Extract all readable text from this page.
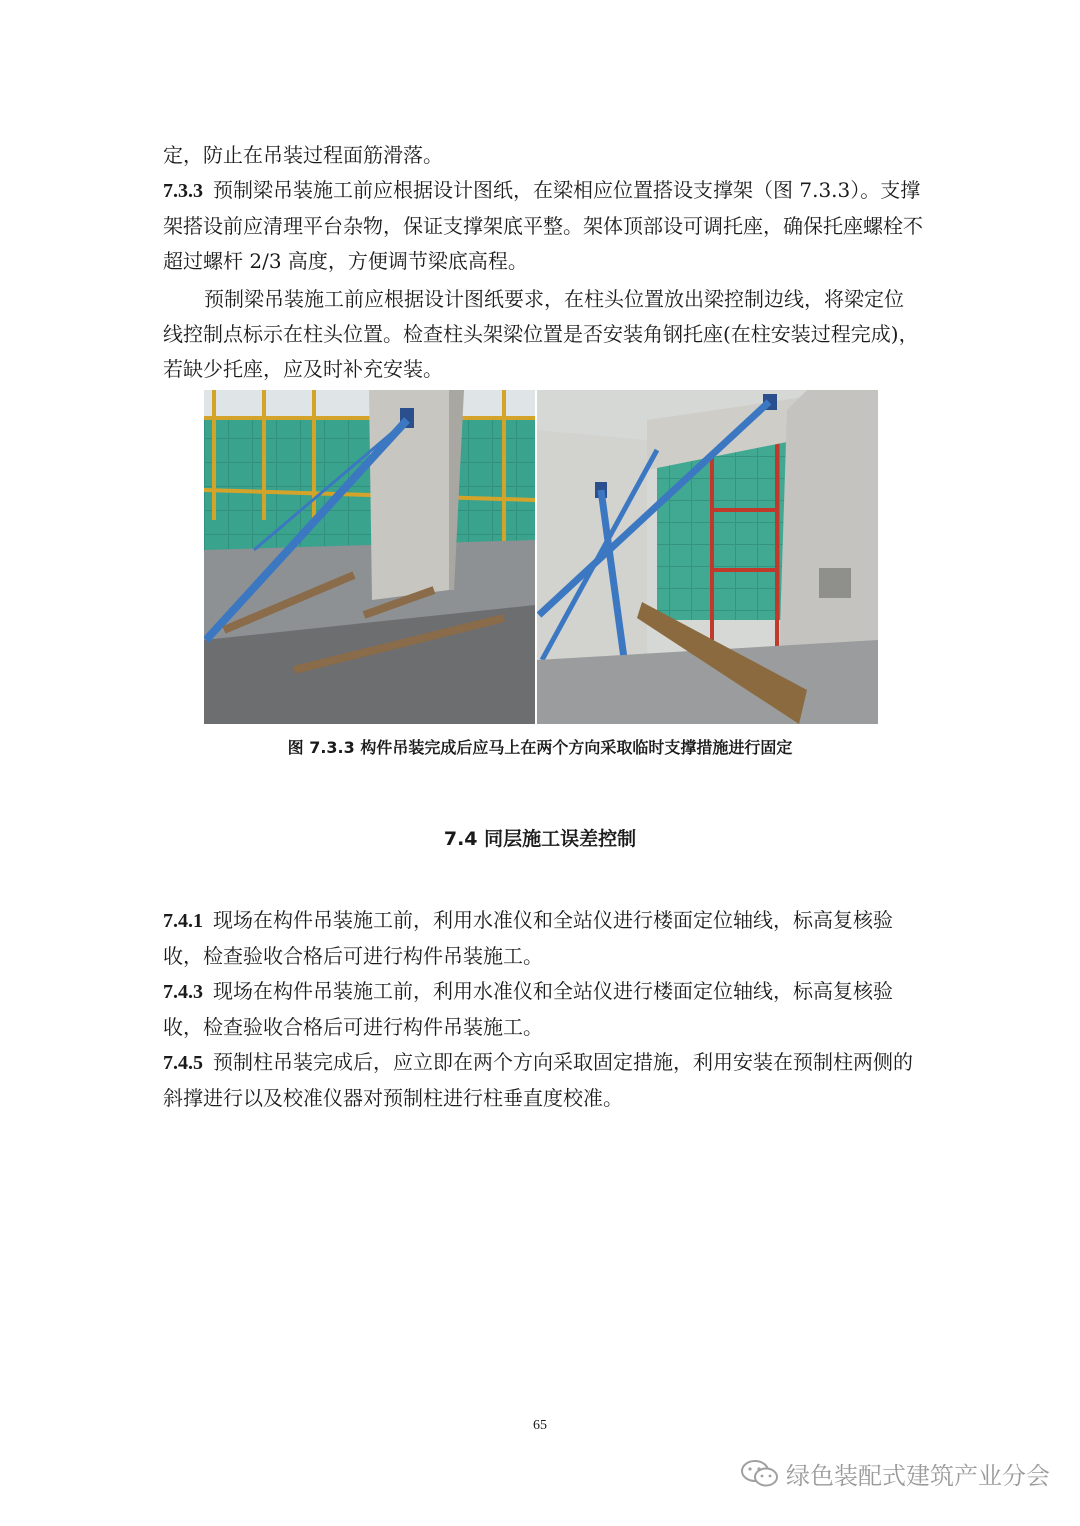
定，防止在吊装过程面筋滑落。

7.3.3 预制梁吊装施工前应根据设计图纸，在梁相应位置搭设支撑架（图 7.3.3）。支撑架搭设前应清理平台杂物，保证支撑架底平整。架体顶部设可调托座，确保托座螺栓不超过螺杆 2/3 高度，方便调节梁底高程。

预制梁吊装施工前应根据设计图纸要求，在柱头位置放出梁控制边线，将梁定位线控制点标示在柱头位置。检查柱头架梁位置是否安装角钢托座(在柱安装过程完成)，若缺少托座，应及时补充安装。

图 7.3.3 构件吊装完成后应马上在两个方向采取临时支撑措施进行固定
7.4 同层施工误差控制

7.4.1 现场在构件吊装施工前，利用水准仪和全站仪进行楼面定位轴线，标高复核验收，检查验收合格后可进行构件吊装施工。

7.4.3 现场在构件吊装施工前，利用水准仪和全站仪进行楼面定位轴线，标高复核验收，检查验收合格后可进行构件吊装施工。

7.4.5 预制柱吊装完成后，应立即在两个方向采取固定措施，利用安装在预制柱两侧的斜撑进行以及校准仪器对预制柱进行柱垂直度校准。

65
绿色装配式建筑产业分会
